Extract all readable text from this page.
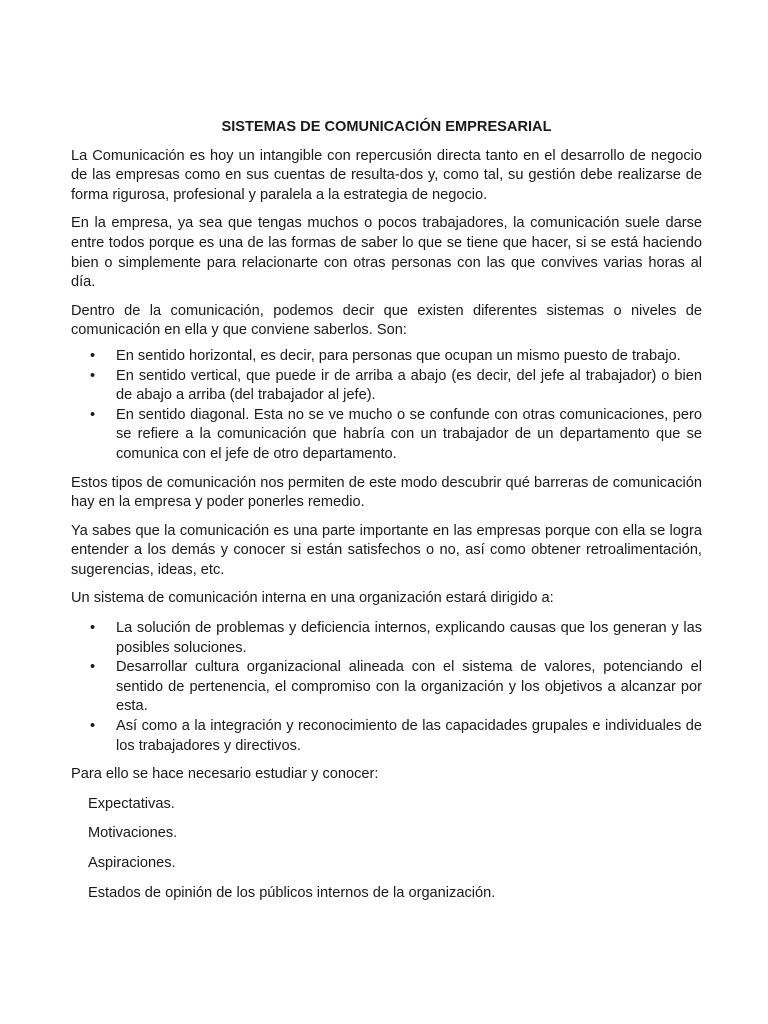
SISTEMAS DE COMUNICACIÓN EMPRESARIAL

La Comunicación es hoy un intangible con repercusión directa tanto en el desarrollo de negocio de las empresas como en sus cuentas de resulta-dos y, como tal, su gestión debe realizarse de forma rigurosa, profesional y paralela a la estrategia de negocio.

En la empresa, ya sea que tengas muchos o pocos trabajadores, la comunicación suele darse entre todos porque es una de las formas de saber lo que se tiene que hacer, si se está haciendo bien o simplemente para relacionarte con otras personas con las que convives varias horas al día.

Dentro de la comunicación, podemos decir que existen diferentes sistemas o niveles de comunicación en ella y que conviene saberlos. Son:

• En sentido horizontal, es decir, para personas que ocupan un mismo puesto de trabajo.
• En sentido vertical, que puede ir de arriba a abajo (es decir, del jefe al trabajador) o bien de abajo a arriba (del trabajador al jefe).
• En sentido diagonal. Esta no se ve mucho o se confunde con otras comunicaciones, pero se refiere a la comunicación que habría con un trabajador de un departamento que se comunica con el jefe de otro departamento.

Estos tipos de comunicación nos permiten de este modo descubrir qué barreras de comunicación hay en la empresa y poder ponerles remedio.

Ya sabes que la comunicación es una parte importante en las empresas porque con ella se logra entender a los demás y conocer si están satisfechos o no, así como obtener retroalimentación, sugerencias, ideas, etc.

Un sistema de comunicación interna en una organización estará dirigido a:

• La solución de problemas y deficiencia internos, explicando causas que los generan y las posibles soluciones.
• Desarrollar cultura organizacional alineada con el sistema de valores, potenciando el sentido de pertenencia, el compromiso con la organización y los objetivos a alcanzar por esta.
• Así como a la integración y reconocimiento de las capacidades grupales e individuales de los trabajadores y directivos.

Para ello se hace necesario estudiar y conocer:

Expectativas.
Motivaciones.
Aspiraciones.
Estados de opinión de los públicos internos de la organización.
